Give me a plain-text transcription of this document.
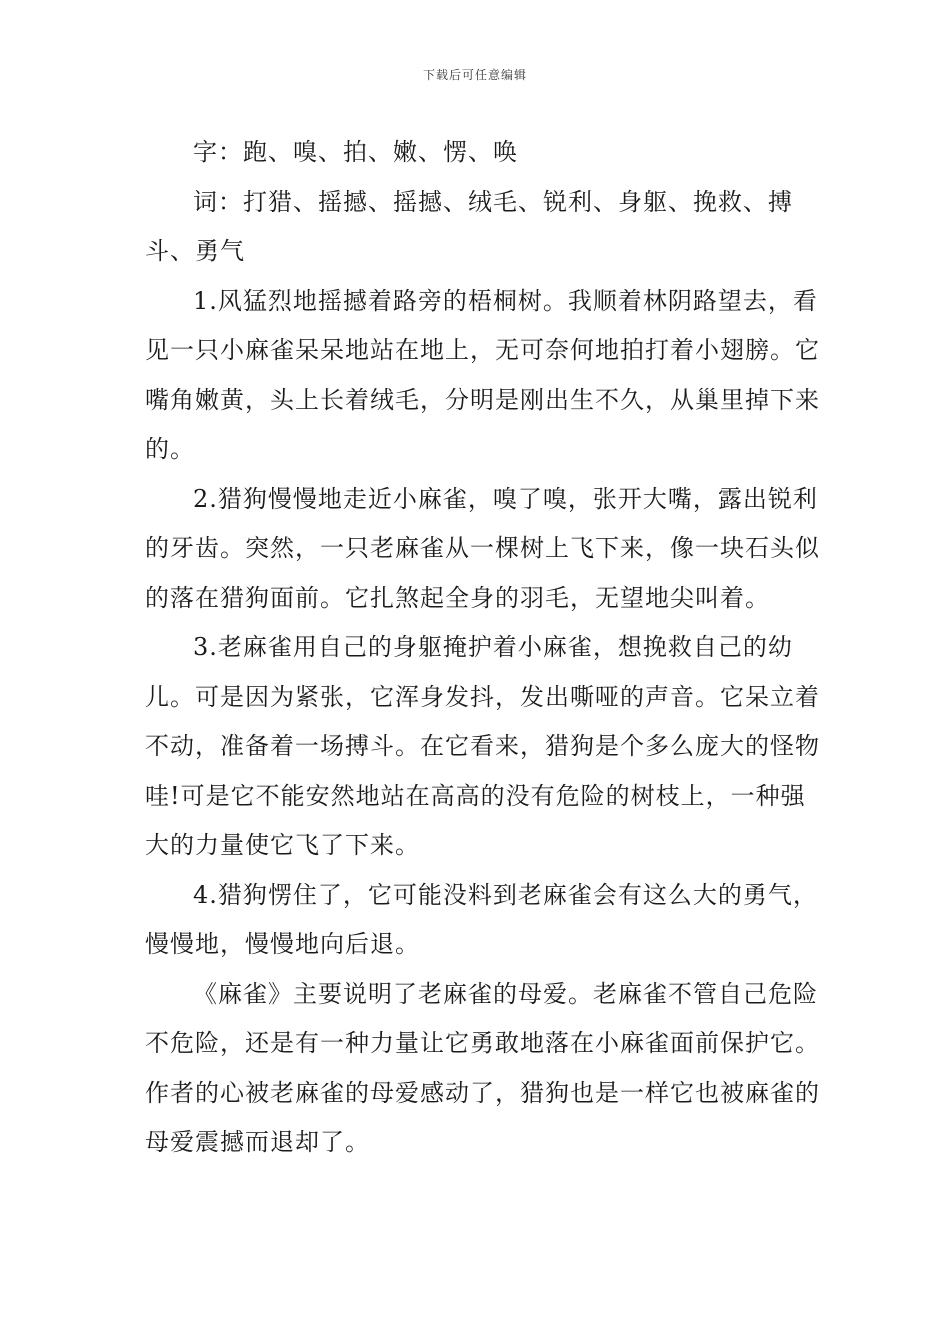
下载后可任意编辑

字：跑、嗅、拍、嫩、愣、唤

词：打猎、摇撼、摇撼、绒毛、锐利、身躯、挽救、搏斗、勇气

1.风猛烈地摇撼着路旁的梧桐树。我顺着林阴路望去，看见一只小麻雀呆呆地站在地上，无可奈何地拍打着小翅膀。它嘴角嫩黄，头上长着绒毛，分明是刚出生不久，从巢里掉下来的。

2.猎狗慢慢地走近小麻雀，嗅了嗅，张开大嘴，露出锐利的牙齿。突然，一只老麻雀从一棵树上飞下来，像一块石头似的落在猎狗面前。它扎煞起全身的羽毛，无望地尖叫着。

3.老麻雀用自己的身躯掩护着小麻雀，想挽救自己的幼儿。可是因为紧张，它浑身发抖，发出嘶哑的声音。它呆立着不动，准备着一场搏斗。在它看来，猎狗是个多么庞大的怪物哇!可是它不能安然地站在高高的没有危险的树枝上，一种强大的力量使它飞了下来。

4.猎狗愣住了，它可能没料到老麻雀会有这么大的勇气，慢慢地，慢慢地向后退。

《麻雀》主要说明了老麻雀的母爱。老麻雀不管自己危险不危险，还是有一种力量让它勇敢地落在小麻雀面前保护它。作者的心被老麻雀的母爱感动了，猎狗也是一样它也被麻雀的母爱震撼而退却了。
